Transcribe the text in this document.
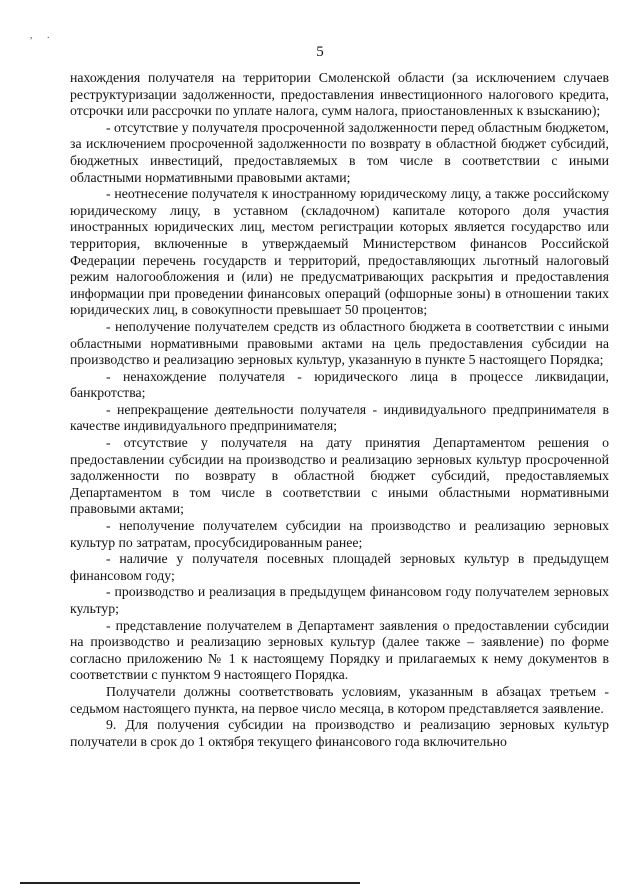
, .
5

нахождения получателя на территории Смоленской области (за исключением случаев реструктуризации задолженности, предоставления инвестиционного налогового кредита, отсрочки или рассрочки по уплате налога, сумм налога, приостановленных к взысканию);

- отсутствие у получателя просроченной задолженности перед областным бюджетом, за исключением просроченной задолженности по возврату в областной бюджет субсидий, бюджетных инвестиций, предоставляемых в том числе в соответствии с иными областными нормативными правовыми актами;

- неотнесение получателя к иностранному юридическому лицу, а также российскому юридическому лицу, в уставном (складочном) капитале которого доля участия иностранных юридических лиц, местом регистрации которых является государство или территория, включенные в утверждаемый Министерством финансов Российской Федерации перечень государств и территорий, предоставляющих льготный налоговый режим налогообложения и (или) не предусматривающих раскрытия и предоставления информации при проведении финансовых операций (офшорные зоны) в отношении таких юридических лиц, в совокупности превышает 50 процентов;

- неполучение получателем средств из областного бюджета в соответствии с иными областными нормативными правовыми актами на цель предоставления субсидии на производство и реализацию зерновых культур, указанную в пункте 5 настоящего Порядка;

- ненахождение получателя - юридического лица в процессе ликвидации, банкротства;

- непрекращение деятельности получателя - индивидуального предпринимателя в качестве индивидуального предпринимателя;

- отсутствие у получателя на дату принятия Департаментом решения о предоставлении субсидии на производство и реализацию зерновых культур просроченной задолженности по возврату в областной бюджет субсидий, предоставляемых Департаментом в том числе в соответствии с иными областными нормативными правовыми актами;

- неполучение получателем субсидии на производство и реализацию зерновых культур по затратам, просубсидированным ранее;

- наличие у получателя посевных площадей зерновых культур в предыдущем финансовом году;

- производство и реализация в предыдущем финансовом году получателем зерновых культур;

- представление получателем в Департамент заявления о предоставлении субсидии на производство и реализацию зерновых культур (далее также – заявление) по форме согласно приложению № 1 к настоящему Порядку и прилагаемых к нему документов в соответствии с пунктом 9 настоящего Порядка.

Получатели должны соответствовать условиям, указанным в абзацах третьем - седьмом настоящего пункта, на первое число месяца, в котором представляется заявление.

9. Для получения субсидии на производство и реализацию зерновых культур получатели в срок до 1 октября текущего финансового года включительно
